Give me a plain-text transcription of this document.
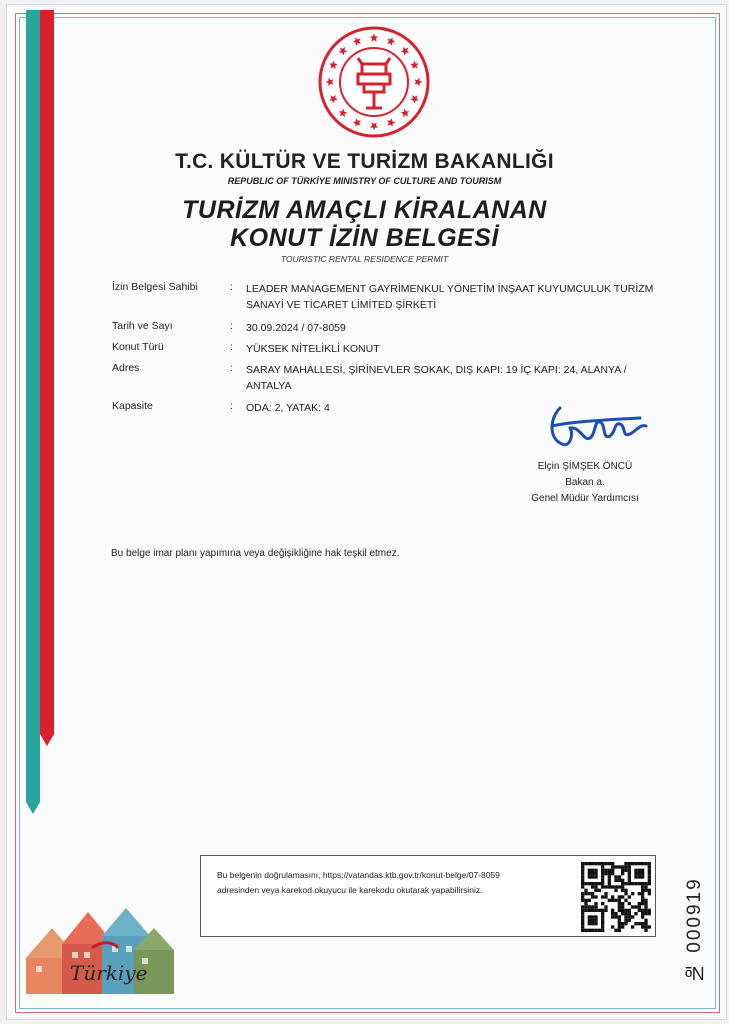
T.C. KÜLTÜR VE TURİZM BAKANLIĞI
REPUBLIC OF TÜRKİYE MINISTRY OF CULTURE AND TOURISM
TURİZM AMAÇLI KİRALANAN
KONUT İZİN BELGESİ
TOURISTIC RENTAL RESIDENCE PERMIT
İzin Belgesi Sahibi	: LEADER MANAGEMENT GAYRİMENKUL YÖNETİM İNŞAAT KUYUMCULUK TURİZM SANAYİ VE TİCARET LİMİTED ŞİRKETİ
Tarih ve Sayı	: 30.09.2024 / 07-8059
Konut Türü	: YÜKSEK NİTELİKLİ KONUT
Adres	: SARAY MAHALLESİ, ŞİRİNEVLER SOKAK, DIŞ KAPI: 19 İÇ KAPI: 24, ALANYA / ANTALYA
Kapasite	: ODA: 2, YATAK: 4
Elçin ŞİMŞEK ÖNCÜ
Bakan a.
Genel Müdür Yardımcısı
Bu belge imar planı yapımına veya değişikliğine hak teşkil etmez.
Bu belgenin doğrulamasını, https://vatandas.ktb.gov.tr/konut-belge/07-8059
adresinden veya karekod okuyucu ile karekodu okutarak yapabilirsiniz.	№ 000919
Türkiye
